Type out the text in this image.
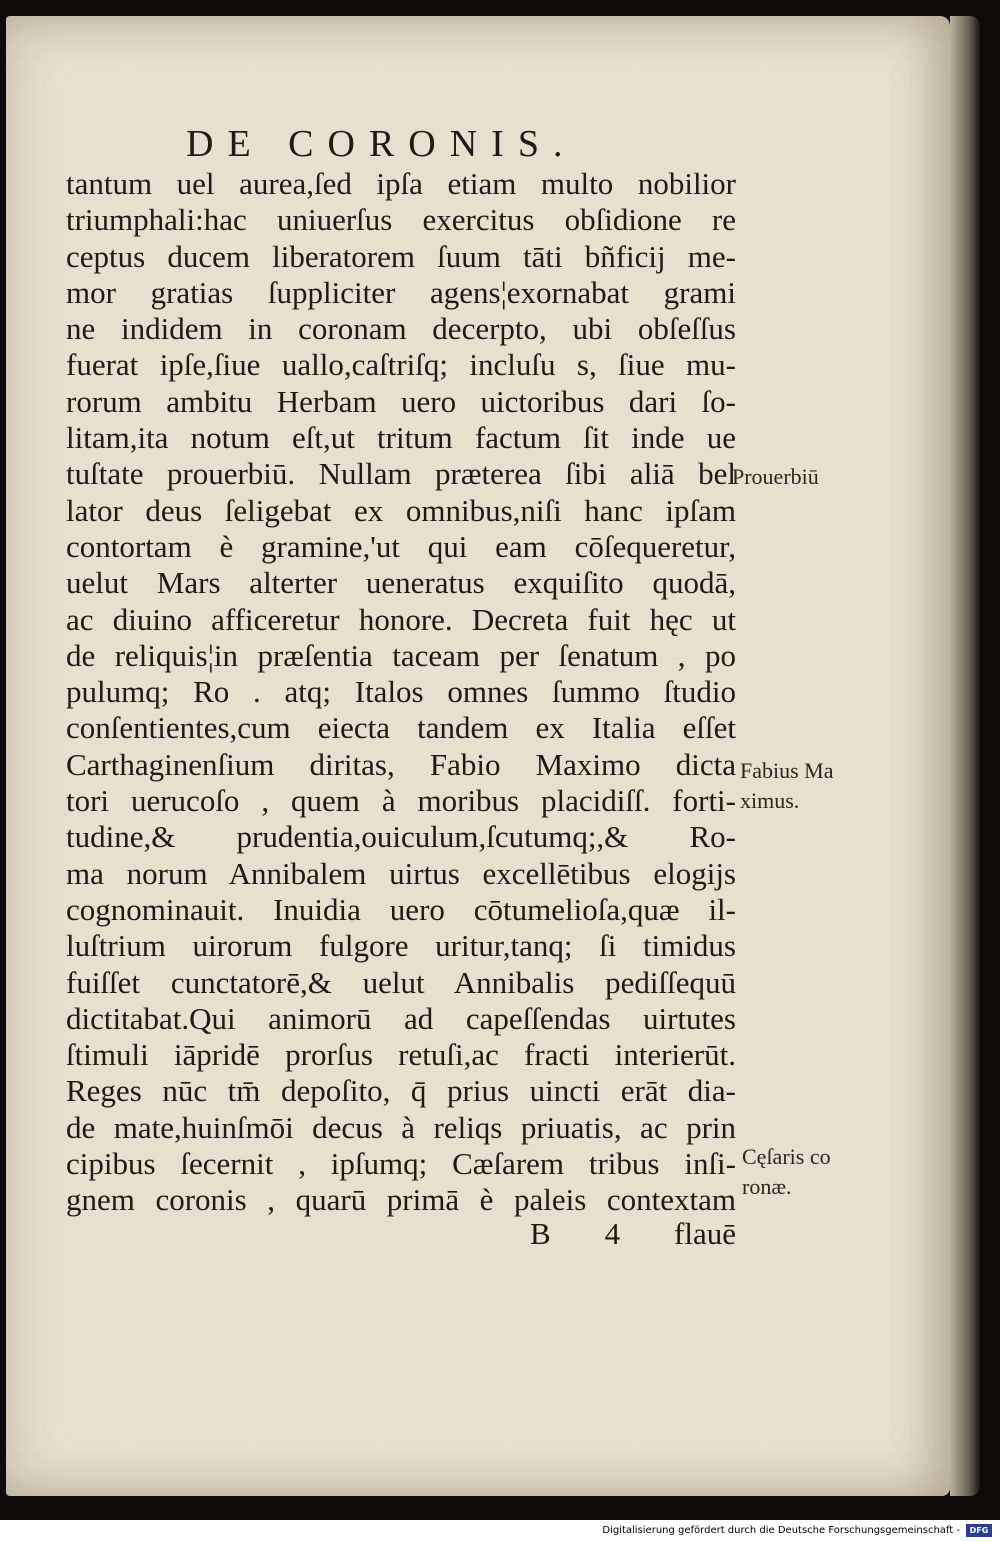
DE CORONIS.
tantum uel aurea,ſed ipſa etiam multo nobilior
triumphali:hac uniuerſus exercitus obſidione re
ceptus ducem liberatorem ſuum tāti bñficij me-
mor gratias ſuppliciter agens¦exornabat grami
ne indidem in coronam decerpto, ubi obſeſſus
fuerat ipſe,ſiue uallo,caſtriſq; incluſu s, ſiue mu-
rorum ambitu Herbam uero uictoribus dari ſo-
litam,ita notum eſt,ut tritum factum ſit inde ue
tuſtate prouerbiū. Nullam præterea ſibi aliā bel
lator deus ſeligebat ex omnibus,niſi hanc ipſam
contortam è gramine,'ut qui eam cōſequeretur,
uelut Mars alterter ueneratus exquiſito quodā,
ac diuino afficeretur honore. Decreta fuit hęc ut
de reliquis¦in præſentia taceam per ſenatum , po
pulumq; Ro . atq; Italos omnes ſummo ſtudio
conſentientes,cum eiecta tandem ex Italia eſſet
Carthaginenſium diritas, Fabio Maximo dicta
tori uerucoſo , quem à moribus placidiſſ. forti-
tudine,& prudentia,ouiculum,ſcutumq;,& Ro-
ma norum Annibalem uirtus excellētibus elogijs
cognominauit. Inuidia uero cōtumelioſa,quæ il-
luſtrium uirorum fulgore uritur,tanq; ſi timidus
fuiſſet cunctatorē,& uelut Annibalis pediſſequū
dictitabat.Qui animorū ad capeſſendas uirtutes
ſtimuli iāpridē prorſus retuſi,ac fracti interierūt.
Reges nūc tm̄ depoſito, q̄ prius uincti erāt dia-
de mate,huinſmōi decus à reliqs priuatis, ac prin
cipibus ſecernit , ipſumq; Cæſarem tribus inſi-
gnem coronis , quarū primā è paleis contextam
Prouerbiū
Fabius Ma
ximus.
Cęſaris co
ronæ.
B 4 flauē
Digitalisierung gefördert durch die Deutsche Forschungsgemeinschaft -	DFG
